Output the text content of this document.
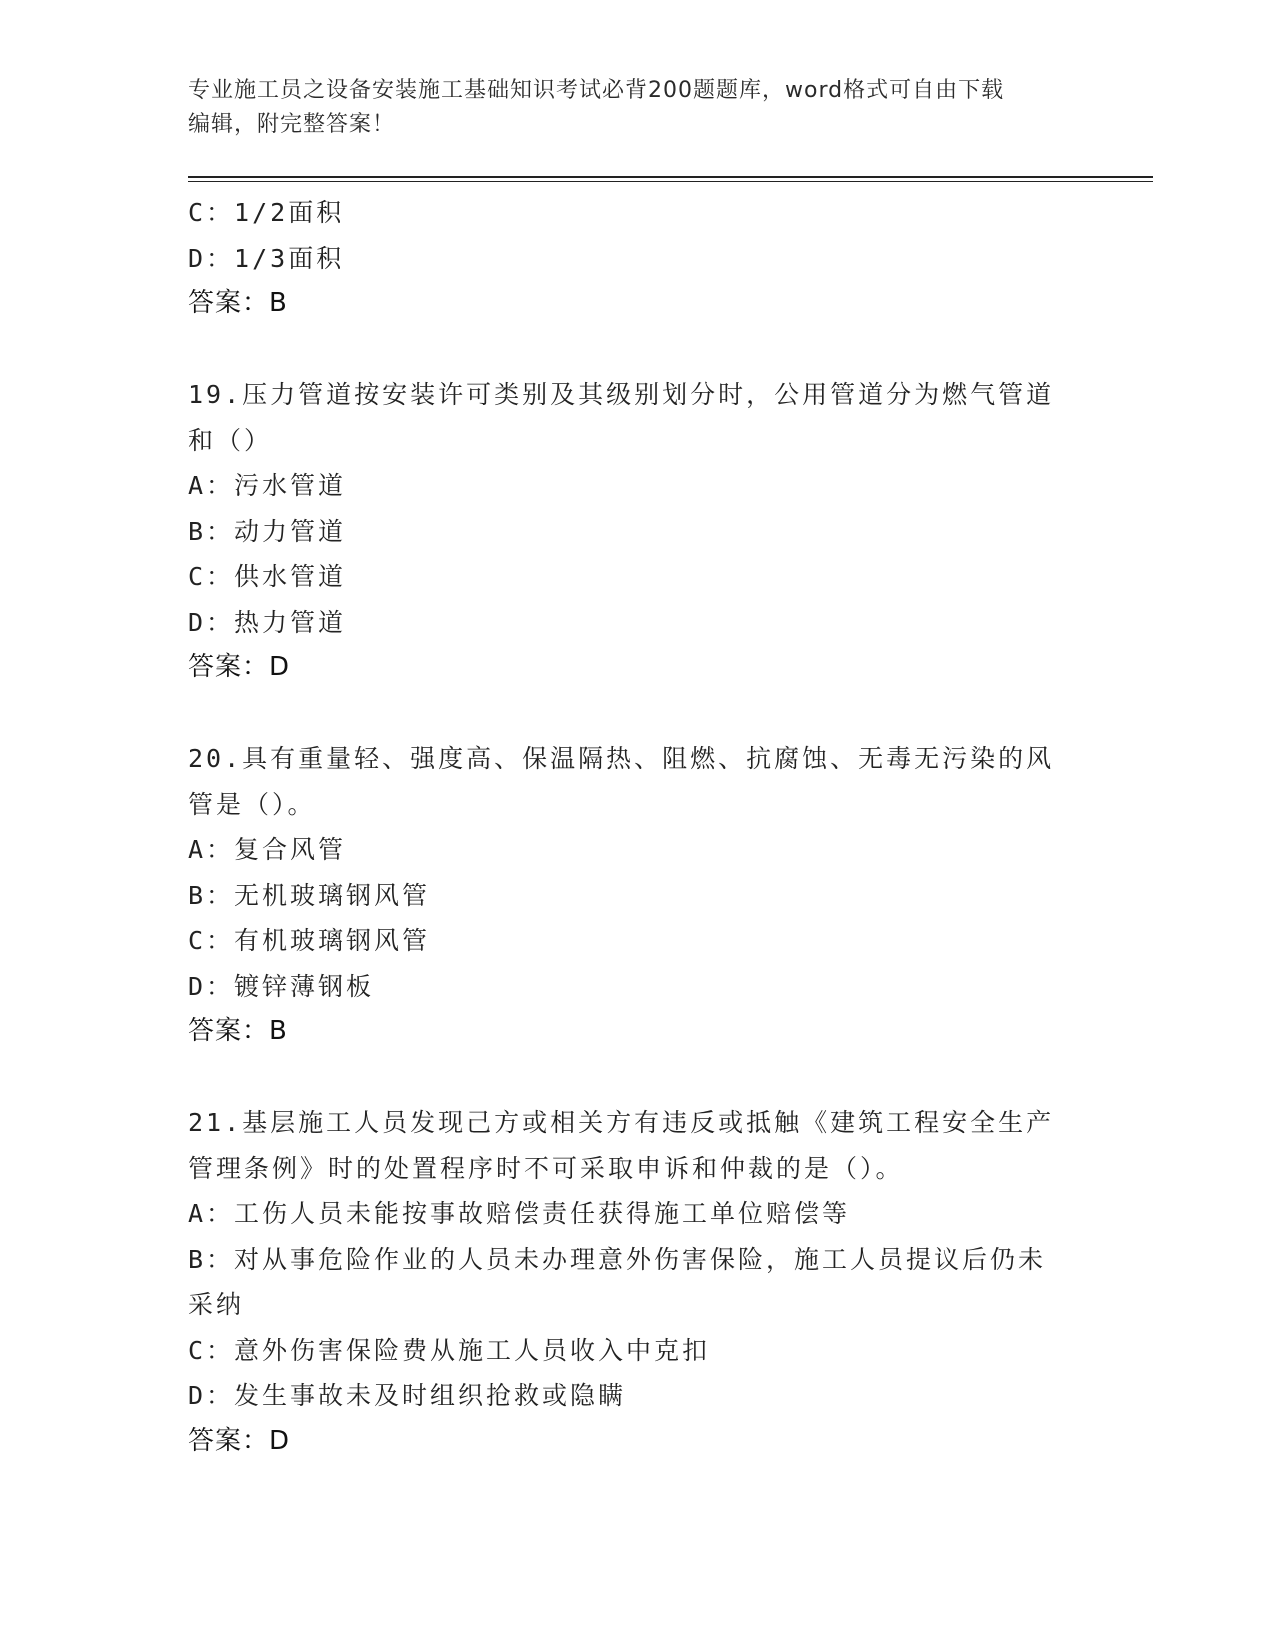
专业施工员之设备安装施工基础知识考试必背200题题库，word格式可自由下载
编辑，附完整答案！
C：1/2面积
D：1/3面积
答案：B
19.压力管道按安装许可类别及其级别划分时，公用管道分为燃气管道
和（）
A：污水管道
B：动力管道
C：供水管道
D：热力管道
答案：D
20.具有重量轻、强度高、保温隔热、阻燃、抗腐蚀、无毒无污染的风
管是（）。
A：复合风管
B：无机玻璃钢风管
C：有机玻璃钢风管
D：镀锌薄钢板
答案：B
21.基层施工人员发现己方或相关方有违反或抵触《建筑工程安全生产
管理条例》时的处置程序时不可采取申诉和仲裁的是（）。
A：工伤人员未能按事故赔偿责任获得施工单位赔偿等
B：对从事危险作业的人员未办理意外伤害保险，施工人员提议后仍未
采纳
C：意外伤害保险费从施工人员收入中克扣
D：发生事故未及时组织抢救或隐瞒
答案：D
